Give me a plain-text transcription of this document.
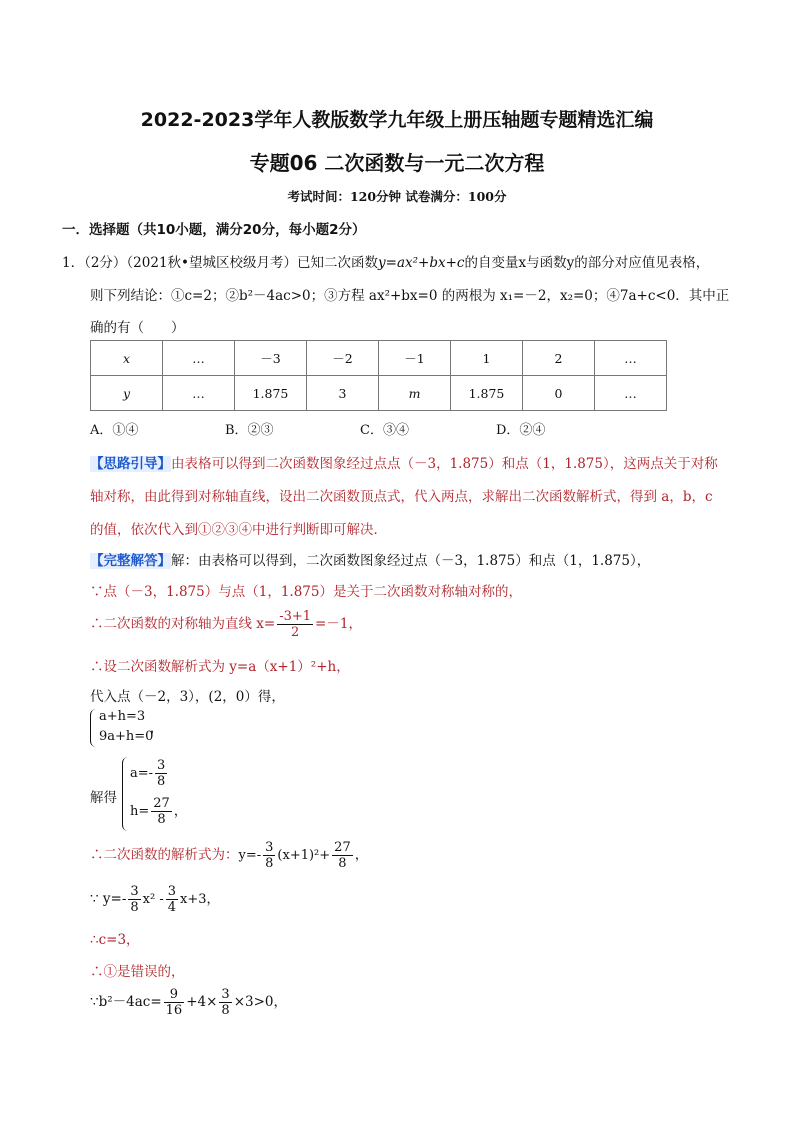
2022-2023学年人教版数学九年级上册压轴题专题精选汇编
专题06 二次函数与一元二次方程
考试时间：120分钟 试卷满分：100分
一．选择题（共10小题，满分20分，每小题2分）
1．（2分）（2021秋•望城区校级月考）已知二次函数y=ax²+bx+c的自变量x与函数y的部分对应值见表格，
则下列结论：①c=2；②b²－4ac>0；③方程 ax²+bx=0 的两根为 x₁=－2，x₂=0；④7a+c<0．其中正
确的有（　　）
x	…	－3	－2	－1	1	2	…
y	…	1.875	3	m	1.875	0	…
A．①④	B．②③	C．③④	D．②④
【思路引导】由表格可以得到二次函数图象经过点点（－3，1.875）和点（1，1.875），这两点关于对称
轴对称，由此得到对称轴直线，设出二次函数顶点式，代入两点，求解出二次函数解析式，得到 a，b，c
的值，依次代入到①②③④中进行判断即可解决．
【完整解答】解：由表格可以得到，二次函数图象经过点（－3，1.875）和点（1，1.875），
∵点（－3，1.875）与点（1，1.875）是关于二次函数对称轴对称的，
∴二次函数的对称轴为直线 $x= \frac{-3+1}{2} =-1$，
∴设二次函数解析式为 y=a（x+1）²+h，
代入点（－2，3），(2，0）得，
a+h=3
9a+h=0
，
解得
$a=- \frac{3}{8}$
$h= \frac{27}{8}$ ，
∴二次函数的解析式为：$y=- \frac{3}{8} (x+1)^2+ \frac{27}{8}$ ，
∵ $y=- \frac{3}{8} x^2 - \frac{3}{4} x+3$，
∴c=3，
∴①是错误的，
∵b²－4ac= $\frac{9}{16} +4\times \frac{3}{8} \times 3>0$，
